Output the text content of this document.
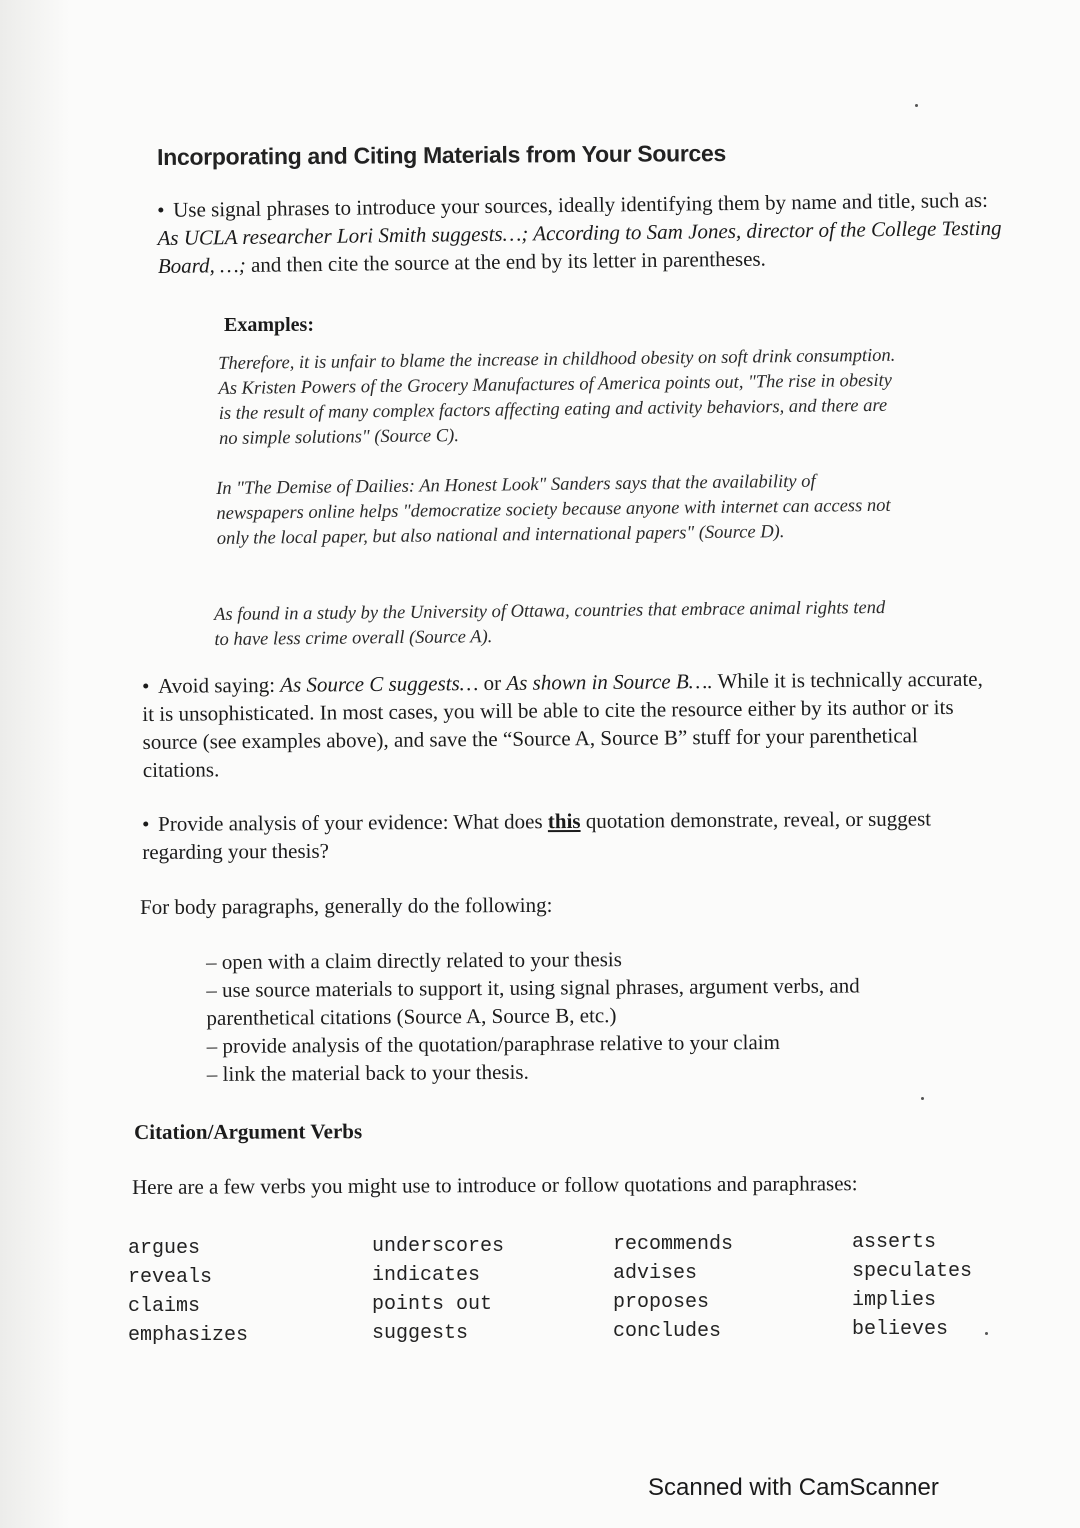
Incorporating and Citing Materials from Your Sources
• Use signal phrases to introduce your sources, ideally identifying them by name and title, such as: As UCLA researcher Lori Smith suggests…; According to Sam Jones, director of the College Testing Board, …; and then cite the source at the end by its letter in parentheses.
Examples:
Therefore, it is unfair to blame the increase in childhood obesity on soft drink consumption. As Kristen Powers of the Grocery Manufactures of America points out, "The rise in obesity is the result of many complex factors affecting eating and activity behaviors, and there are no simple solutions" (Source C).
In "The Demise of Dailies: An Honest Look" Sanders says that the availability of newspapers online helps "democratize society because anyone with internet can access not only the local paper, but also national and international papers" (Source D).
As found in a study by the University of Ottawa, countries that embrace animal rights tend to have less crime overall (Source A).
• Avoid saying: As Source C suggests… or As shown in Source B…. While it is technically accurate, it is unsophisticated. In most cases, you will be able to cite the resource either by its author or its source (see examples above), and save the “Source A, Source B” stuff for your parenthetical citations.
• Provide analysis of your evidence: What does this quotation demonstrate, reveal, or suggest regarding your thesis?
For body paragraphs, generally do the following:
– open with a claim directly related to your thesis
– use source materials to support it, using signal phrases, argument verbs, and parenthetical citations (Source A, Source B, etc.)
– provide analysis of the quotation/paraphrase relative to your claim
– link the material back to your thesis.
Citation/Argument Verbs
Here are a few verbs you might use to introduce or follow quotations and paraphrases:
argues
reveals
claims
emphasizes
underscores
indicates
points out
suggests
recommends
advises
proposes
concludes
asserts
speculates
implies
believes
Scanned with CamScanner
